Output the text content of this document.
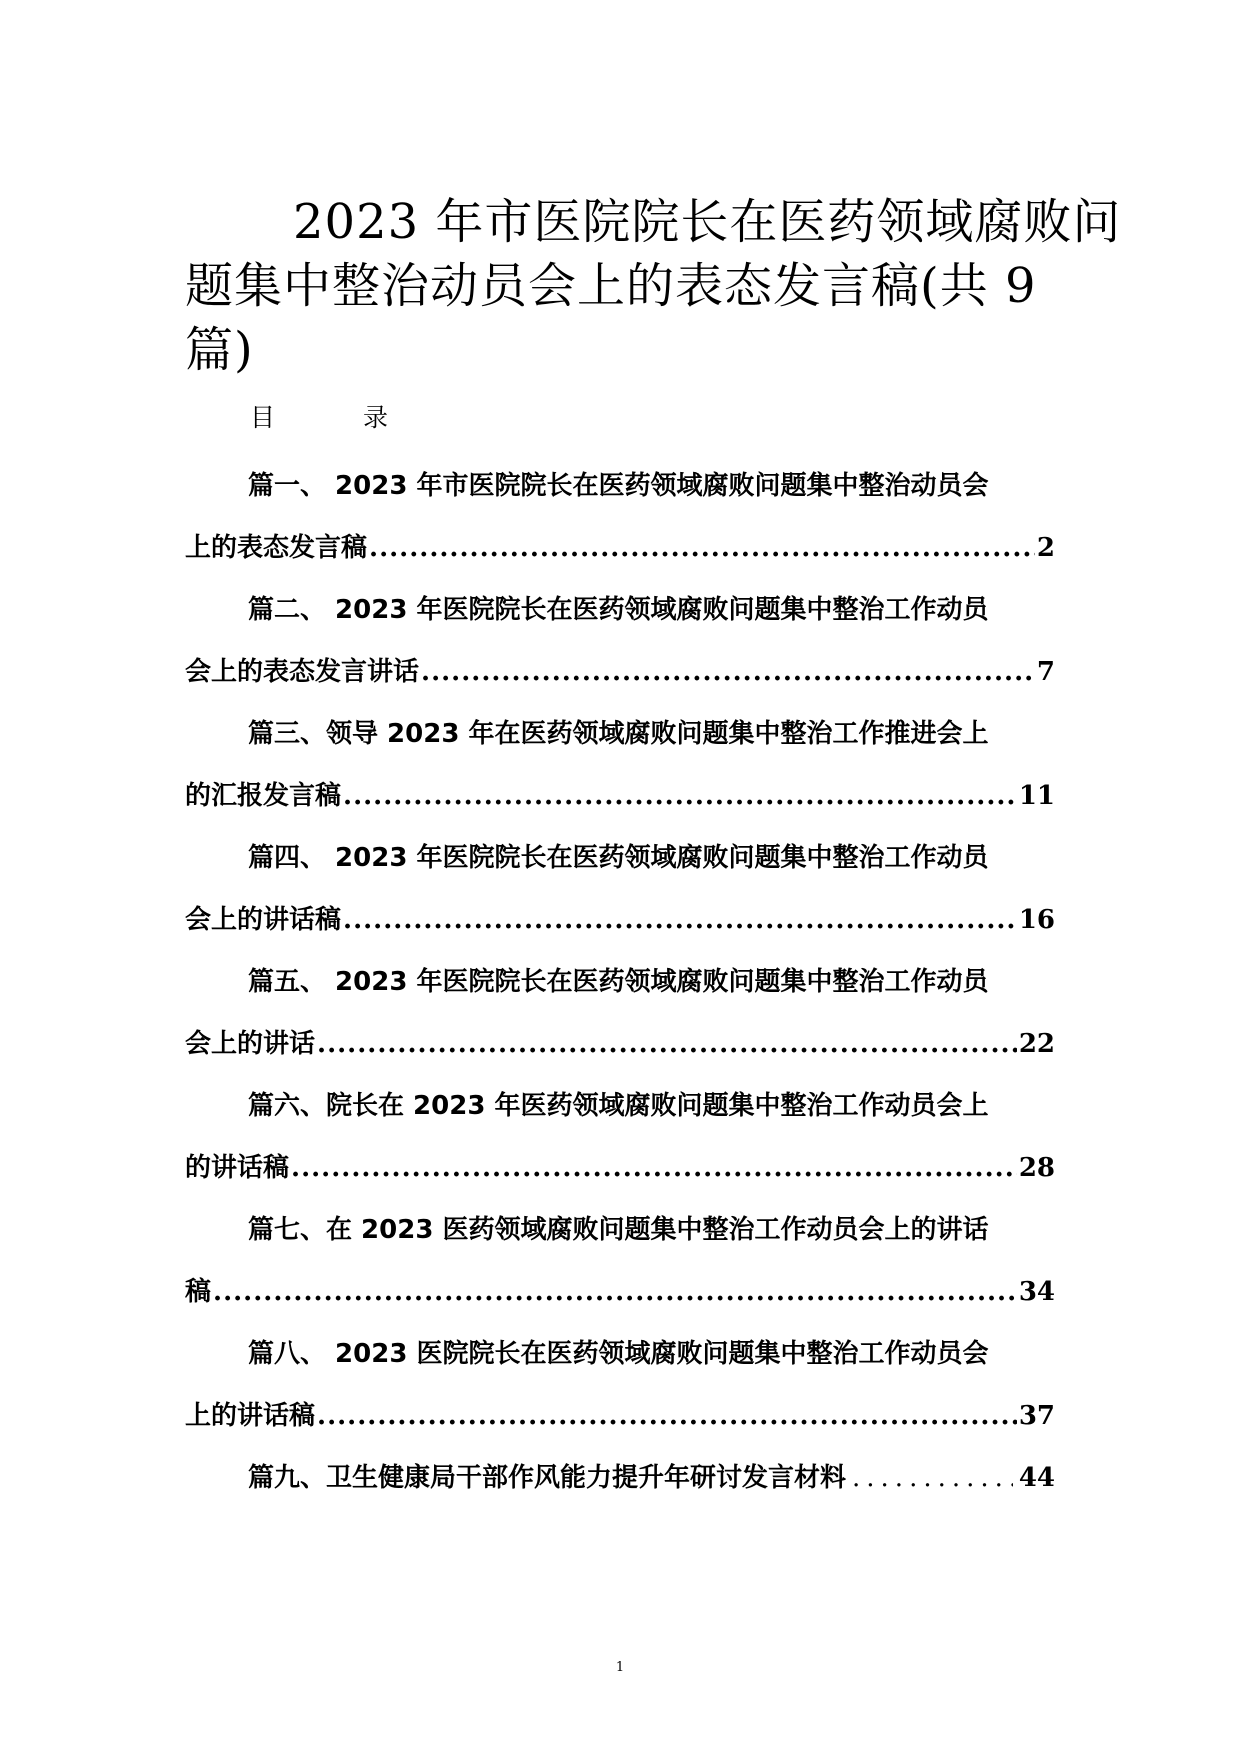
2023 年市医院院长在医药领域腐败问
题集中整治动员会上的表态发言稿(共 9
篇)
目 录
篇一、 2023 年市医院院长在医药领域腐败问题集中整治动员会
上的表态发言稿 .....	2
篇二、 2023 年医院院长在医药领域腐败问题集中整治工作动员
会上的表态发言讲话 .....	7
篇三、领导 2023 年在医药领域腐败问题集中整治工作推进会上
的汇报发言稿 .....	11
篇四、 2023 年医院院长在医药领域腐败问题集中整治工作动员
会上的讲话稿 .....	16
篇五、 2023 年医院院长在医药领域腐败问题集中整治工作动员
会上的讲话 .....	22
篇六、院长在 2023 年医药领域腐败问题集中整治工作动员会上
的讲话稿 .....	28
篇七、在 2023 医药领域腐败问题集中整治工作动员会上的讲话
稿 .....	34
篇八、 2023 医院院长在医药领域腐败问题集中整治工作动员会
上的讲话稿 .....	37
篇九、卫生健康局干部作风能力提升年研讨发言材料 .....	44
1
